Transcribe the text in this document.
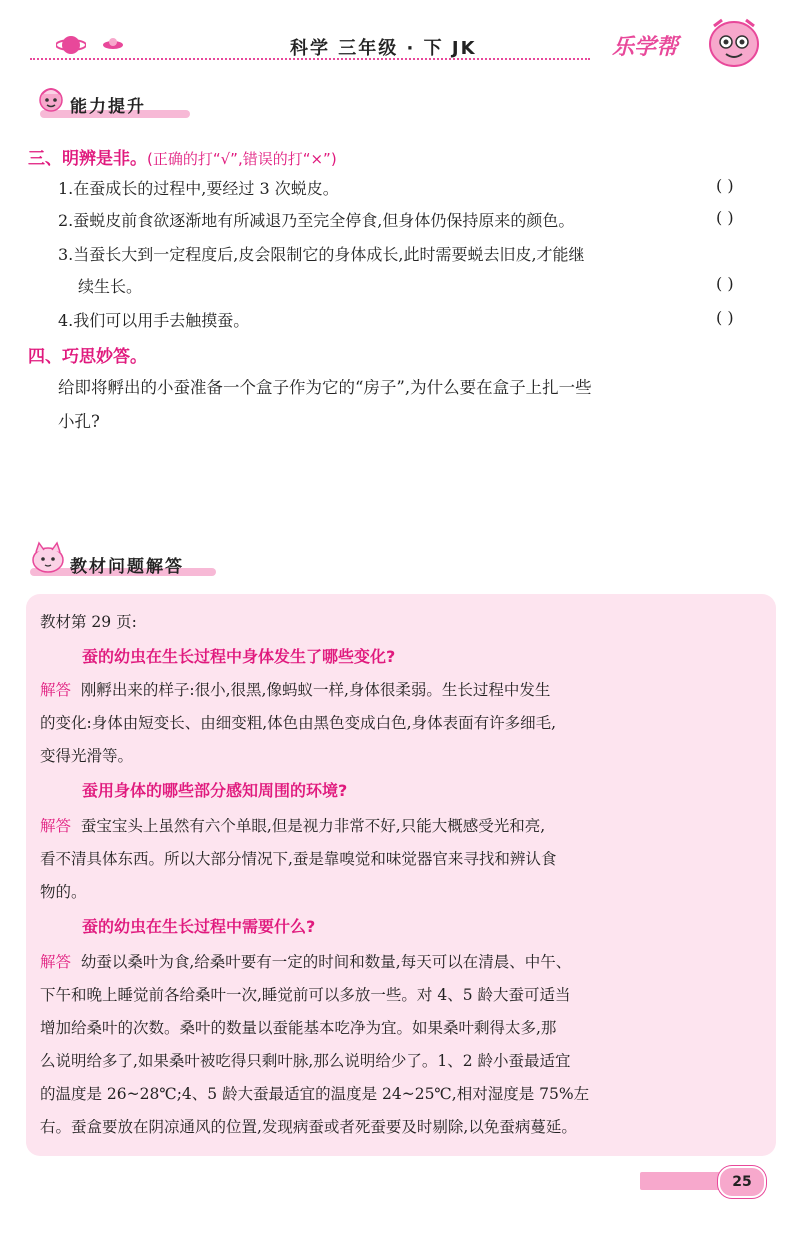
科学 三年级 · 下 JK	乐学帮
能力提升
三、明辨是非。(正确的打“√”,错误的打“×”)
1.在蚕成长的过程中,要经过 3 次蜕皮。	( )
2.蚕蜕皮前食欲逐渐地有所减退乃至完全停食,但身体仍保持原来的颜色。	( )
3.当蚕长大到一定程度后,皮会限制它的身体成长,此时需要蜕去旧皮,才能继
续生长。	( )
4.我们可以用手去触摸蚕。	( )
四、巧思妙答。
给即将孵出的小蚕准备一个盒子作为它的“房子”,为什么要在盒子上扎一些
小孔?
教材问题解答
教材第 29 页:
蚕的幼虫在生长过程中身体发生了哪些变化?
解答 刚孵出来的样子:很小,很黑,像蚂蚁一样,身体很柔弱。生长过程中发生
的变化:身体由短变长、由细变粗,体色由黑色变成白色,身体表面有许多细毛,
变得光滑等。
蚕用身体的哪些部分感知周围的环境?
解答 蚕宝宝头上虽然有六个单眼,但是视力非常不好,只能大概感受光和亮,
看不清具体东西。所以大部分情况下,蚕是靠嗅觉和味觉器官来寻找和辨认食
物的。
蚕的幼虫在生长过程中需要什么?
解答 幼蚕以桑叶为食,给桑叶要有一定的时间和数量,每天可以在清晨、中午、
下午和晚上睡觉前各给桑叶一次,睡觉前可以多放一些。对 4、5 龄大蚕可适当
增加给桑叶的次数。桑叶的数量以蚕能基本吃净为宜。如果桑叶剩得太多,那
么说明给多了,如果桑叶被吃得只剩叶脉,那么说明给少了。1、2 龄小蚕最适宜
的温度是 26~28℃;4、5 龄大蚕最适宜的温度是 24~25℃,相对湿度是 75%左
右。蚕盒要放在阴凉通风的位置,发现病蚕或者死蚕要及时剔除,以免蚕病蔓延。
25
